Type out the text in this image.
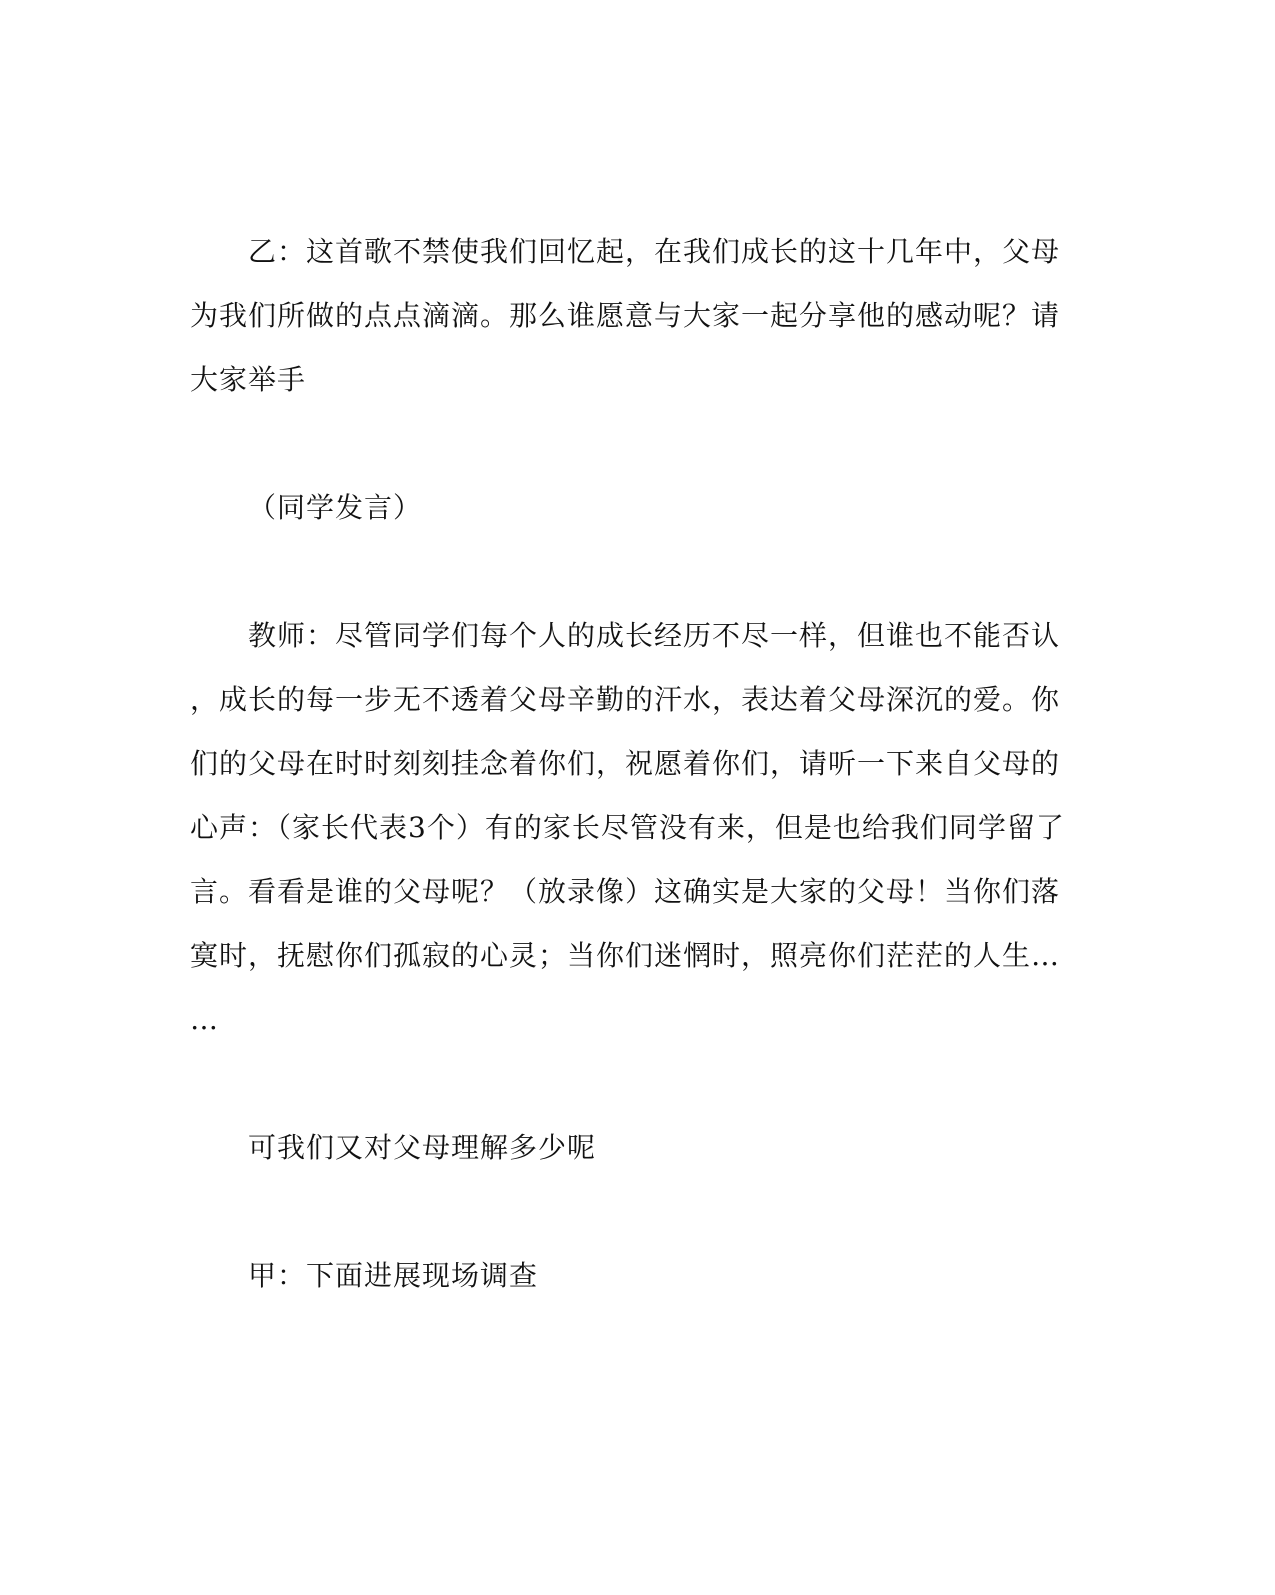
乙：这首歌不禁使我们回忆起，在我们成长的这十几年中，父母
为我们所做的点点滴滴。那么谁愿意与大家一起分享他的感动呢？请
大家举手
（同学发言）
教师：尽管同学们每个人的成长经历不尽一样，但谁也不能否认
，成长的每一步无不透着父母辛勤的汗水，表达着父母深沉的爱。你
们的父母在时时刻刻挂念着你们，祝愿着你们，请听一下来自父母的
心声：（家长代表3个）有的家长尽管没有来，但是也给我们同学留了
言。看看是谁的父母呢？（放录像）这确实是大家的父母！当你们落
寞时，抚慰你们孤寂的心灵；当你们迷惘时，照亮你们茫茫的人生…
…
可我们又对父母理解多少呢
甲：下面进展现场调查
